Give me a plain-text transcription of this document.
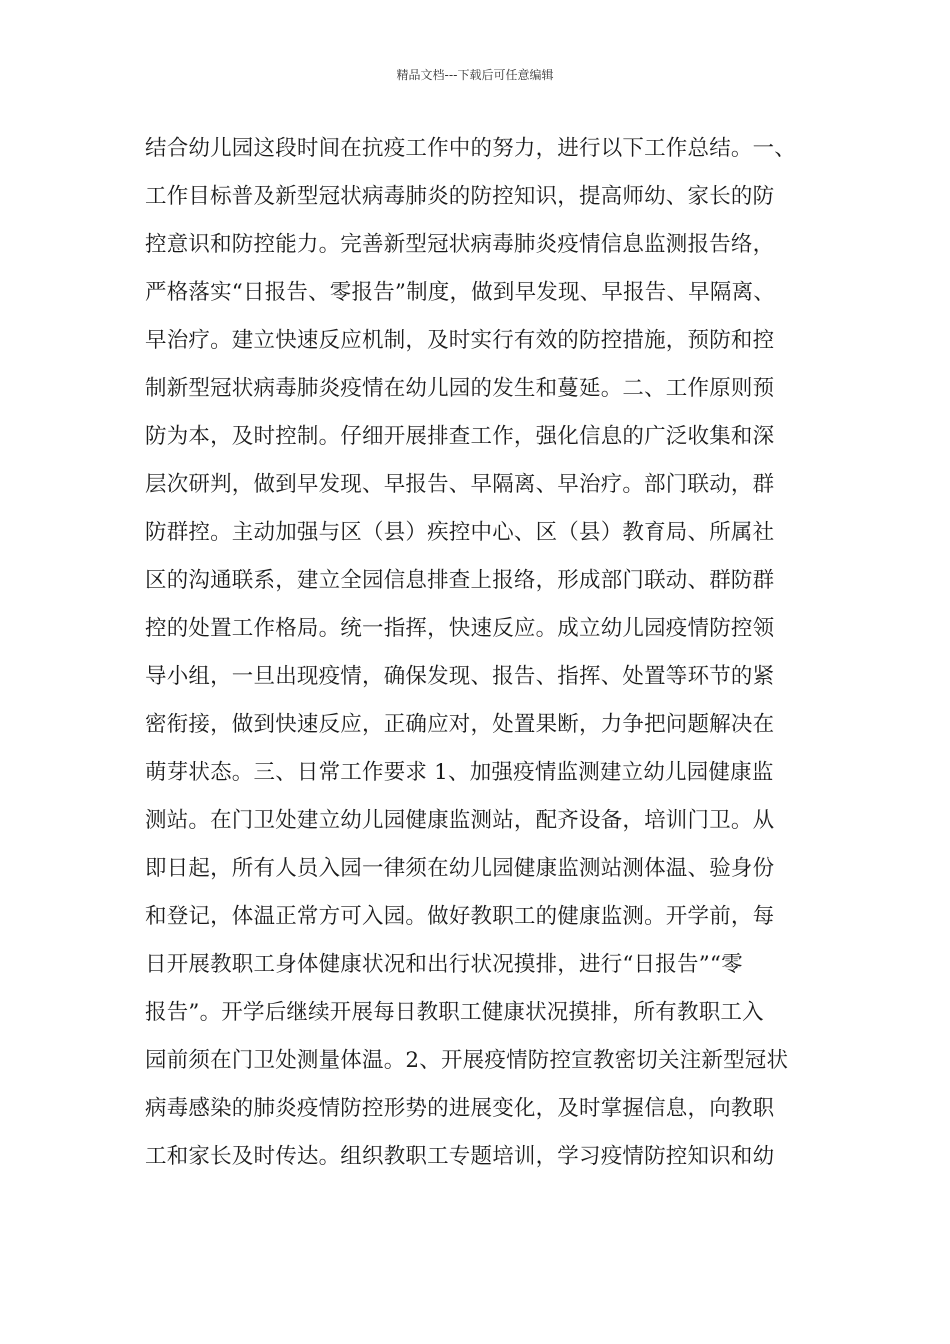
精品文档---下载后可任意编辑
结合幼儿园这段时间在抗疫工作中的努力，进行以下工作总结。一、
工作目标普及新型冠状病毒肺炎的防控知识，提高师幼、家长的防
控意识和防控能力。完善新型冠状病毒肺炎疫情信息监测报告络，
严格落实“日报告、零报告”制度，做到早发现、早报告、早隔离、
早治疗。建立快速反应机制，及时实行有效的防控措施，预防和控
制新型冠状病毒肺炎疫情在幼儿园的发生和蔓延。二、工作原则预
防为本，及时控制。仔细开展排查工作，强化信息的广泛收集和深
层次研判，做到早发现、早报告、早隔离、早治疗。部门联动，群
防群控。主动加强与区（县）疾控中心、区（县）教育局、所属社
区的沟通联系，建立全园信息排查上报络，形成部门联动、群防群
控的处置工作格局。统一指挥，快速反应。成立幼儿园疫情防控领
导小组，一旦出现疫情，确保发现、报告、指挥、处置等环节的紧
密衔接，做到快速反应，正确应对，处置果断，力争把问题解决在
萌芽状态。三、日常工作要求 1、加强疫情监测建立幼儿园健康监
测站。在门卫处建立幼儿园健康监测站，配齐设备，培训门卫。从
即日起，所有人员入园一律须在幼儿园健康监测站测体温、验身份
和登记，体温正常方可入园。做好教职工的健康监测。开学前，每
日开展教职工身体健康状况和出行状况摸排，进行“日报告”“零
报告”。开学后继续开展每日教职工健康状况摸排，所有教职工入
园前须在门卫处测量体温。2、开展疫情防控宣教密切关注新型冠状
病毒感染的肺炎疫情防控形势的进展变化，及时掌握信息，向教职
工和家长及时传达。组织教职工专题培训，学习疫情防控知识和幼
